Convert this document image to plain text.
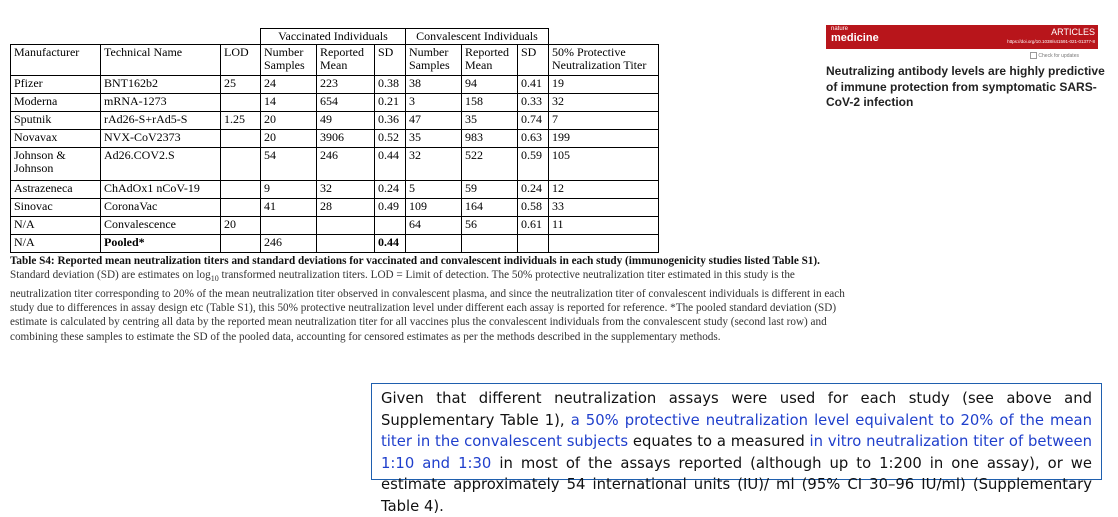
			Vaccinated Individuals			Convalescent Individuals			
Manufacturer	Technical Name	LOD	Number Samples	Reported Mean	SD	Number Samples	Reported Mean	SD	50% Protective Neutralization Titer
Pfizer	BNT162b2	25	24	223	0.38	38	94	0.41	19
Moderna	mRNA-1273		14	654	0.21	3	158	0.33	32
Sputnik	rAd26-S+rAd5-S	1.25	20	49	0.36	47	35	0.74	7
Novavax	NVX-CoV2373		20	3906	0.52	35	983	0.63	199
Johnson & Johnson	Ad26.COV2.S		54	246	0.44	32	522	0.59	105
Astrazeneca	ChAdOx1 nCoV-19		9	32	0.24	5	59	0.24	12
Sinovac	CoronaVac		41	28	0.49	109	164	0.58	33
N/A	Convalescence	20				64	56	0.61	11
N/A	Pooled*		246		0.44				
Table S4: Reported mean neutralization titers and standard deviations for vaccinated and convalescent individuals in each study (immunogenicity studies listed Table S1). Standard deviation (SD) are estimates on $\log_{10}$ transformed neutralization titers. LOD = Limit of detection. The 50% protective neutralization titer estimated in this study is the neutralization titer corresponding to 20% of the mean neutralization titer observed in convalescent plasma, and since the neutralization titer of convalescent individuals is different in each study due to differences in assay design etc (Table S1), this 50% protective neutralization level under different each assay is reported for reference. *The pooled standard deviation (SD) estimate is calculated by centring all data by the reported mean neutralization titer for all vaccines plus the convalescent individuals from the convalescent study (second last row) and combining these samples to estimate the SD of the pooled data, accounting for censored estimates as per the methods described in the supplementary methods.
nature
medicine	ARTICLES
https://doi.org/10.1038/s41591-021-01377-8
Check for updates
Neutralizing antibody levels are highly predictive of immune protection from symptomatic SARS-CoV-2 infection
Given that different neutralization assays were used for each study (see above and Supplementary Table 1), a 50% protective neutralization level equivalent to 20% of the mean titer in the convalescent subjects equates to a measured in vitro neutralization titer of between 1:10 and 1:30 in most of the assays reported (although up to 1:200 in one assay), or we estimate approximately 54 international units (IU)/ ml (95% CI 30–96 IU/ml) (Supplementary Table 4).
